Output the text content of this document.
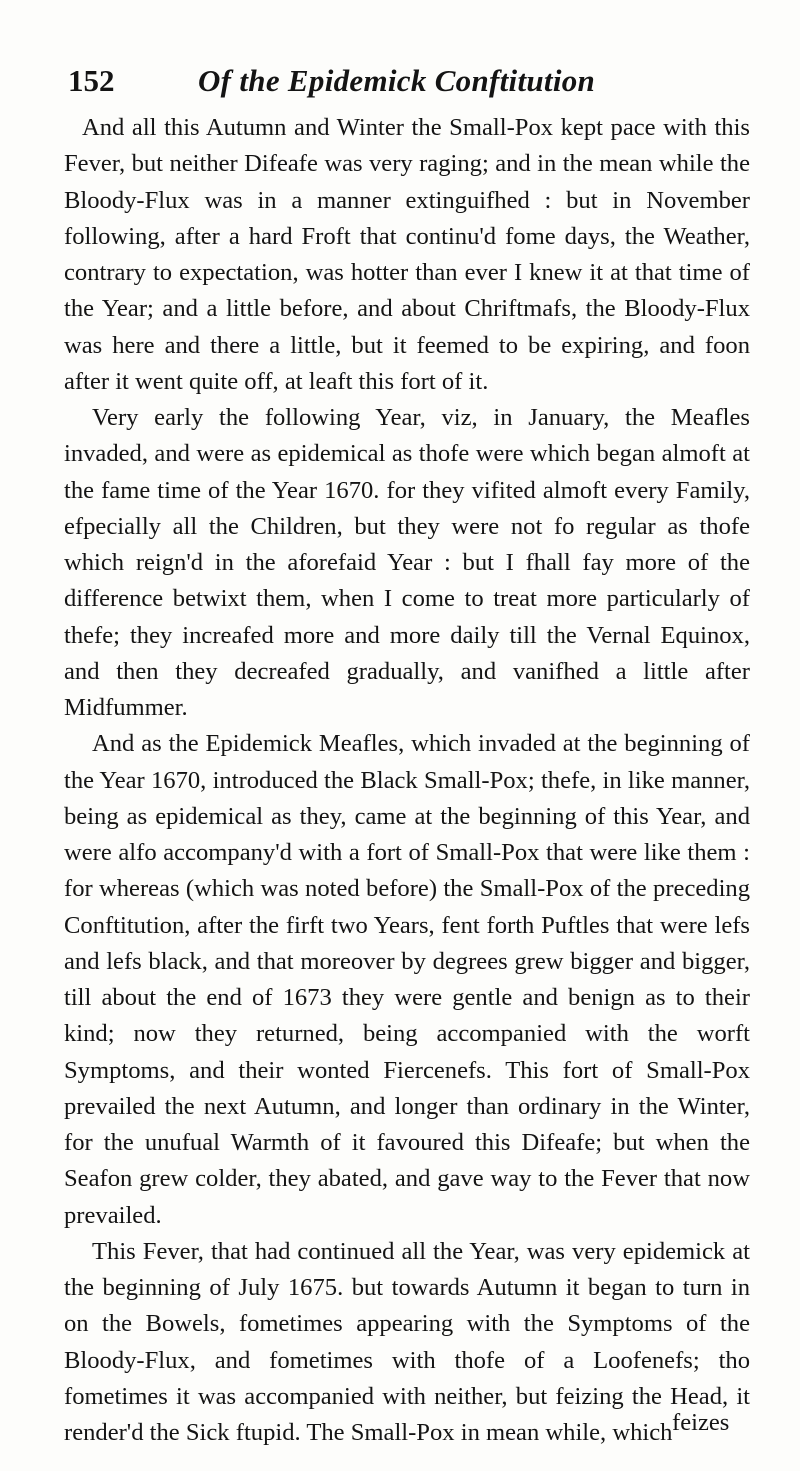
152	Of the Epidemick Conftitution

And all this Autumn and Winter the Small-Pox kept pace with this Fever, but neither Difeafe was very raging; and in the mean while the Bloody-Flux was in a manner extinguifhed : but in November following, after a hard Froft that continu'd fome days, the Weather, contrary to expectation, was hotter than ever I knew it at that time of the Year; and a little before, and about Chriftmafs, the Bloody-Flux was here and there a little, but it feemed to be expiring, and foon after it went quite off, at leaft this fort of it.

Very early the following Year, viz, in January, the Meafles invaded, and were as epidemical as thofe were which began almoft at the fame time of the Year 1670. for they vifited almoft every Family, efpecially all the Children, but they were not fo regular as thofe which reign'd in the aforefaid Year : but I fhall fay more of the difference betwixt them, when I come to treat more particularly of thefe; they increafed more and more daily till the Vernal Equinox, and then they decreafed gradually, and vanifhed a little after Midfummer.

And as the Epidemick Meafles, which invaded at the beginning of the Year 1670, introduced the Black Small-Pox; thefe, in like manner, being as epidemical as they, came at the beginning of this Year, and were alfo accompany'd with a fort of Small-Pox that were like them : for whereas (which was noted before) the Small-Pox of the preceding Conftitution, after the firft two Years, fent forth Puftles that were lefs and lefs black, and that moreover by degrees grew bigger and bigger, till about the end of 1673 they were gentle and benign as to their kind; now they returned, being accompanied with the worft Symptoms, and their wonted Fiercenefs. This fort of Small-Pox prevailed the next Autumn, and longer than ordinary in the Winter, for the unufual Warmth of it favoured this Difeafe; but when the Seafon grew colder, they abated, and gave way to the Fever that now prevailed.

This Fever, that had continued all the Year, was very epidemick at the beginning of July 1675. but towards Autumn it began to turn in on the Bowels, fometimes appearing with the Symptoms of the Bloody-Flux, and fometimes with thofe of a Loofenefs; tho fometimes it was accompanied with neither, but feizing the Head, it render'd the Sick ftupid. The Small-Pox in mean while, which feizes
